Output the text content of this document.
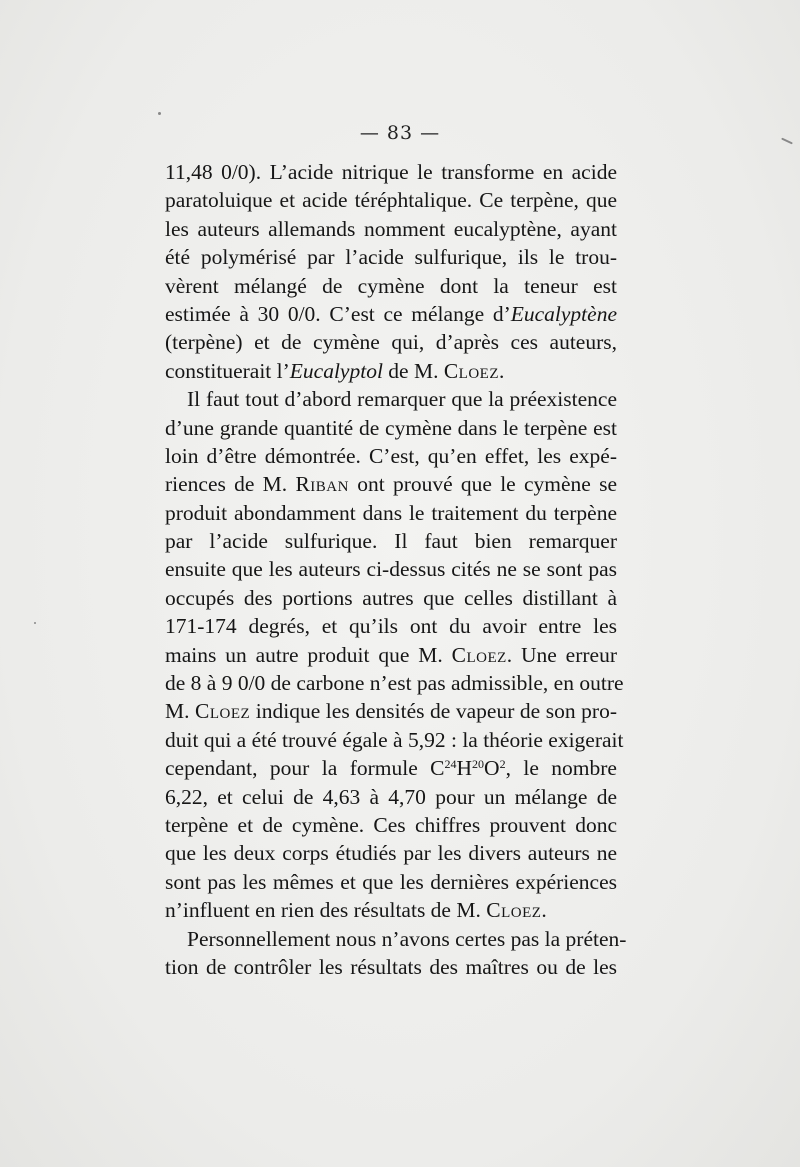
— 83 —
11,48 0/0). L’acide nitrique le transforme en acide
paratoluique et acide téréphtalique. Ce terpène, que
les auteurs allemands nomment eucalyptène, ayant
été polymérisé par l’acide sulfurique, ils le trou-
vèrent mélangé de cymène dont la teneur est
estimée à 30 0/0. C’est ce mélange d’Eucalyptène
(terpène) et de cymène qui, d’après ces auteurs,
constituerait l’Eucalyptol de M. Cloez.
Il faut tout d’abord remarquer que la préexistence
d’une grande quantité de cymène dans le terpène est
loin d’être démontrée. C’est, qu’en effet, les expé-
riences de M. Riban ont prouvé que le cymène se
produit abondamment dans le traitement du terpène
par l’acide sulfurique. Il faut bien remarquer
ensuite que les auteurs ci-dessus cités ne se sont pas
occupés des portions autres que celles distillant à
171-174 degrés, et qu’ils ont du avoir entre les
mains un autre produit que M. Cloez. Une erreur
de 8 à 9 0/0 de carbone n’est pas admissible, en outre
M. Cloez indique les densités de vapeur de son pro-
duit qui a été trouvé égale à 5,92 : la théorie exigerait
cependant, pour la formule $C^{24}H^{20}O^2$, le nombre
6,22, et celui de 4,63 à 4,70 pour un mélange de
terpène et de cymène. Ces chiffres prouvent donc
que les deux corps étudiés par les divers auteurs ne
sont pas les mêmes et que les dernières expériences
n’influent en rien des résultats de M. Cloez.
Personnellement nous n’avons certes pas la préten-
tion de contrôler les résultats des maîtres ou de les
